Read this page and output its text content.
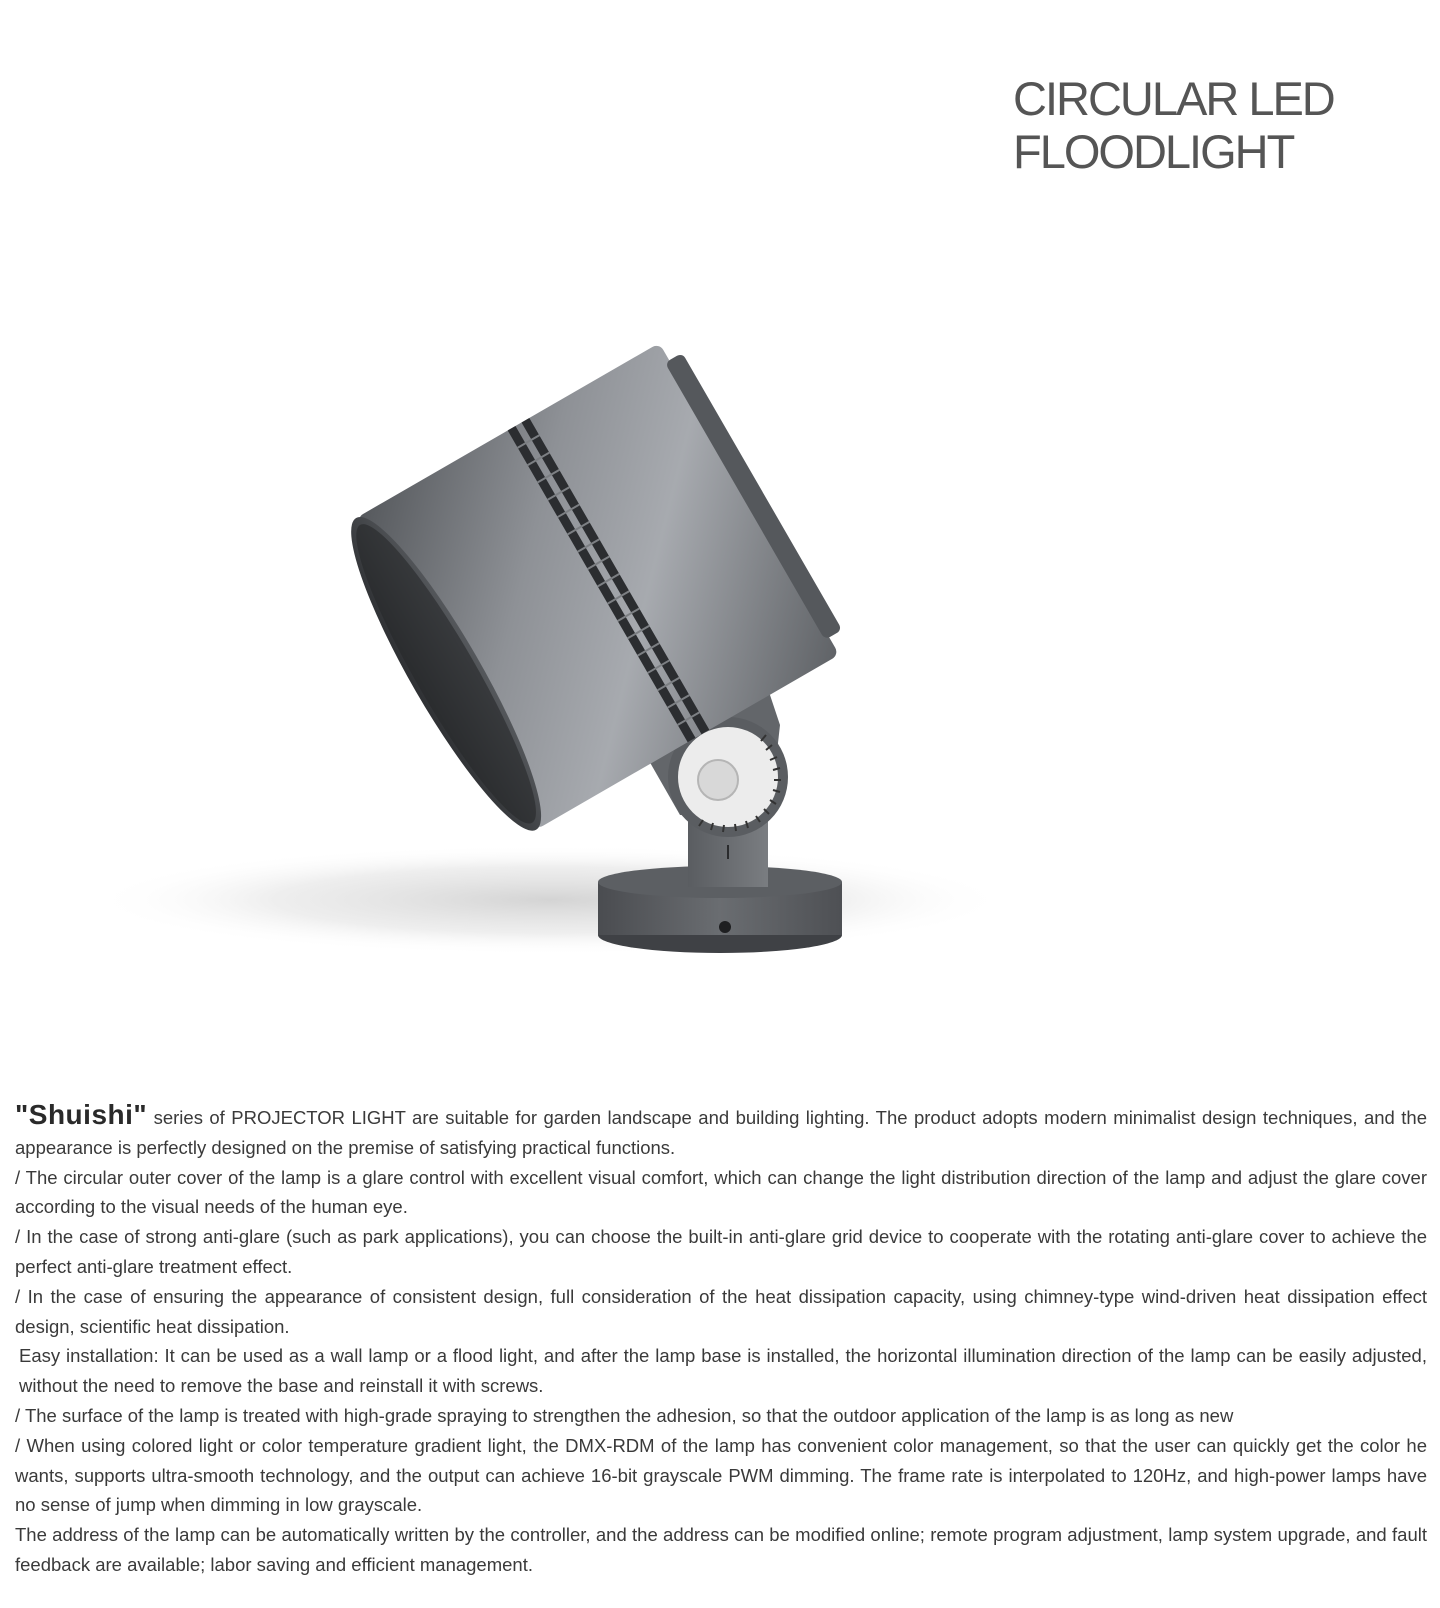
CIRCULAR LED
FLOODLIGHT

"Shuishi" series of PROJECTOR LIGHT are suitable for garden landscape and building lighting. The product adopts modern minimalist design techniques, and the appearance is perfectly designed on the premise of satisfying practical functions.

/ The circular outer cover of the lamp is a glare control with excellent visual comfort, which can change the light distribution direction of the lamp and adjust the glare cover according to the visual needs of the human eye.

/ In the case of strong anti-glare (such as park applications), you can choose the built-in anti-glare grid device to cooperate with the rotating anti-glare cover to achieve the perfect anti-glare treatment effect.

/ In the case of ensuring the appearance of consistent design, full consideration of the heat dissipation capacity, using chimney-type wind-driven heat dissipation effect design, scientific heat dissipation.

Easy installation: It can be used as a wall lamp or a flood light, and after the lamp base is installed, the horizontal illumination direction of the lamp can be easily adjusted, without the need to remove the base and reinstall it with screws.

/ The surface of the lamp is treated with high-grade spraying to strengthen the adhesion, so that the outdoor application of the lamp is as long as new

/ When using colored light or color temperature gradient light, the DMX-RDM of the lamp has convenient color management, so that the user can quickly get the color he wants, supports ultra-smooth technology, and the output can achieve 16-bit grayscale PWM dimming. The frame rate is interpolated to 120Hz, and high-power lamps have no sense of jump when dimming in low grayscale.

The address of the lamp can be automatically written by the controller, and the address can be modified online; remote program adjustment, lamp system upgrade, and fault feedback are available; labor saving and efficient management.
